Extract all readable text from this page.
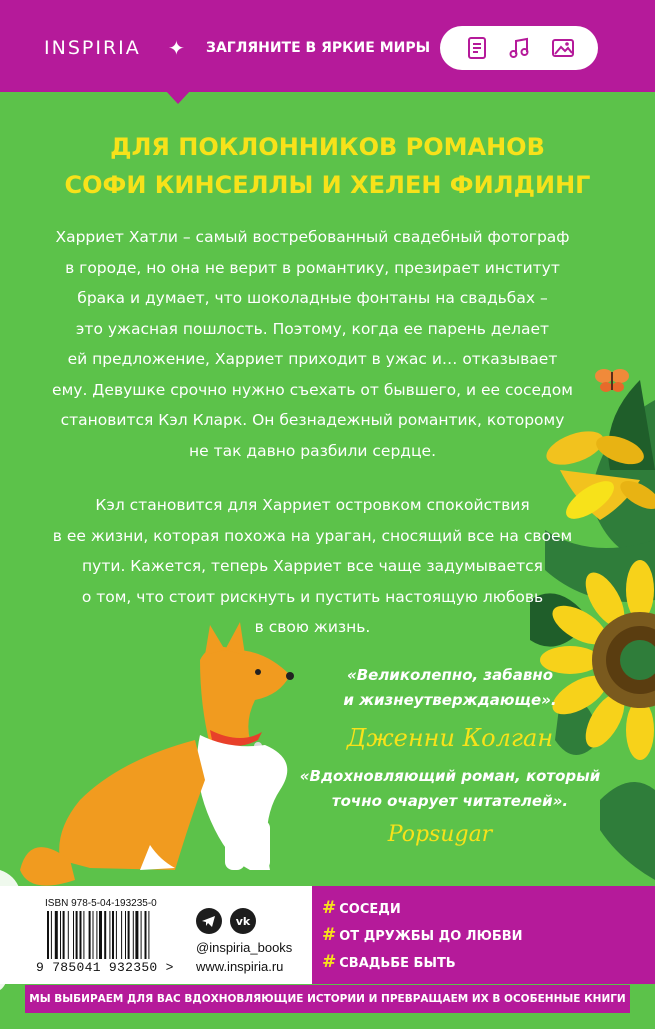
INSPIRIA ✦ ЗАГЛЯНИТЕ В ЯРКИЕ МИРЫ
ДЛЯ ПОКЛОННИКОВ РОМАНОВ
СОФИ КИНСЕЛЛЫ И ХЕЛЕН ФИЛДИНГ
Харриет Хатли – самый востребованный свадебный фотограф
в городе, но она не верит в романтику, презирает институт
брака и думает, что шоколадные фонтаны на свадьбах –
это ужасная пошлость. Поэтому, когда ее парень делает
ей предложение, Харриет приходит в ужас и… отказывает
ему. Девушке срочно нужно съехать от бывшего, и ее соседом
становится Кэл Кларк. Он безнадежный романтик, которому
не так давно разбили сердце.
Кэл становится для Харриет островком спокойствия
в ее жизни, которая похожа на ураган, сносящий все на своем
пути. Кажется, теперь Харриет все чаще задумывается
о том, что стоит рискнуть и пустить настоящую любовь
в свою жизнь.
«Великолепно, забавно
и жизнеутверждающе».
Дженни Колган
«Вдохновляющий роман, который
точно очарует читателей».
Popsugar
ISBN 978-5-04-193235-0
9 785041 932350 >
vk
@inspiria_books
www.inspiria.ru
# СОСЕДИ
# ОТ ДРУЖБЫ ДО ЛЮБВИ
# СВАДЬБЕ БЫТЬ
МЫ ВЫБИРАЕМ ДЛЯ ВАС ВДОХНОВЛЯЮЩИЕ ИСТОРИИ И ПРЕВРАЩАЕМ ИХ В ОСОБЕННЫЕ КНИГИ
